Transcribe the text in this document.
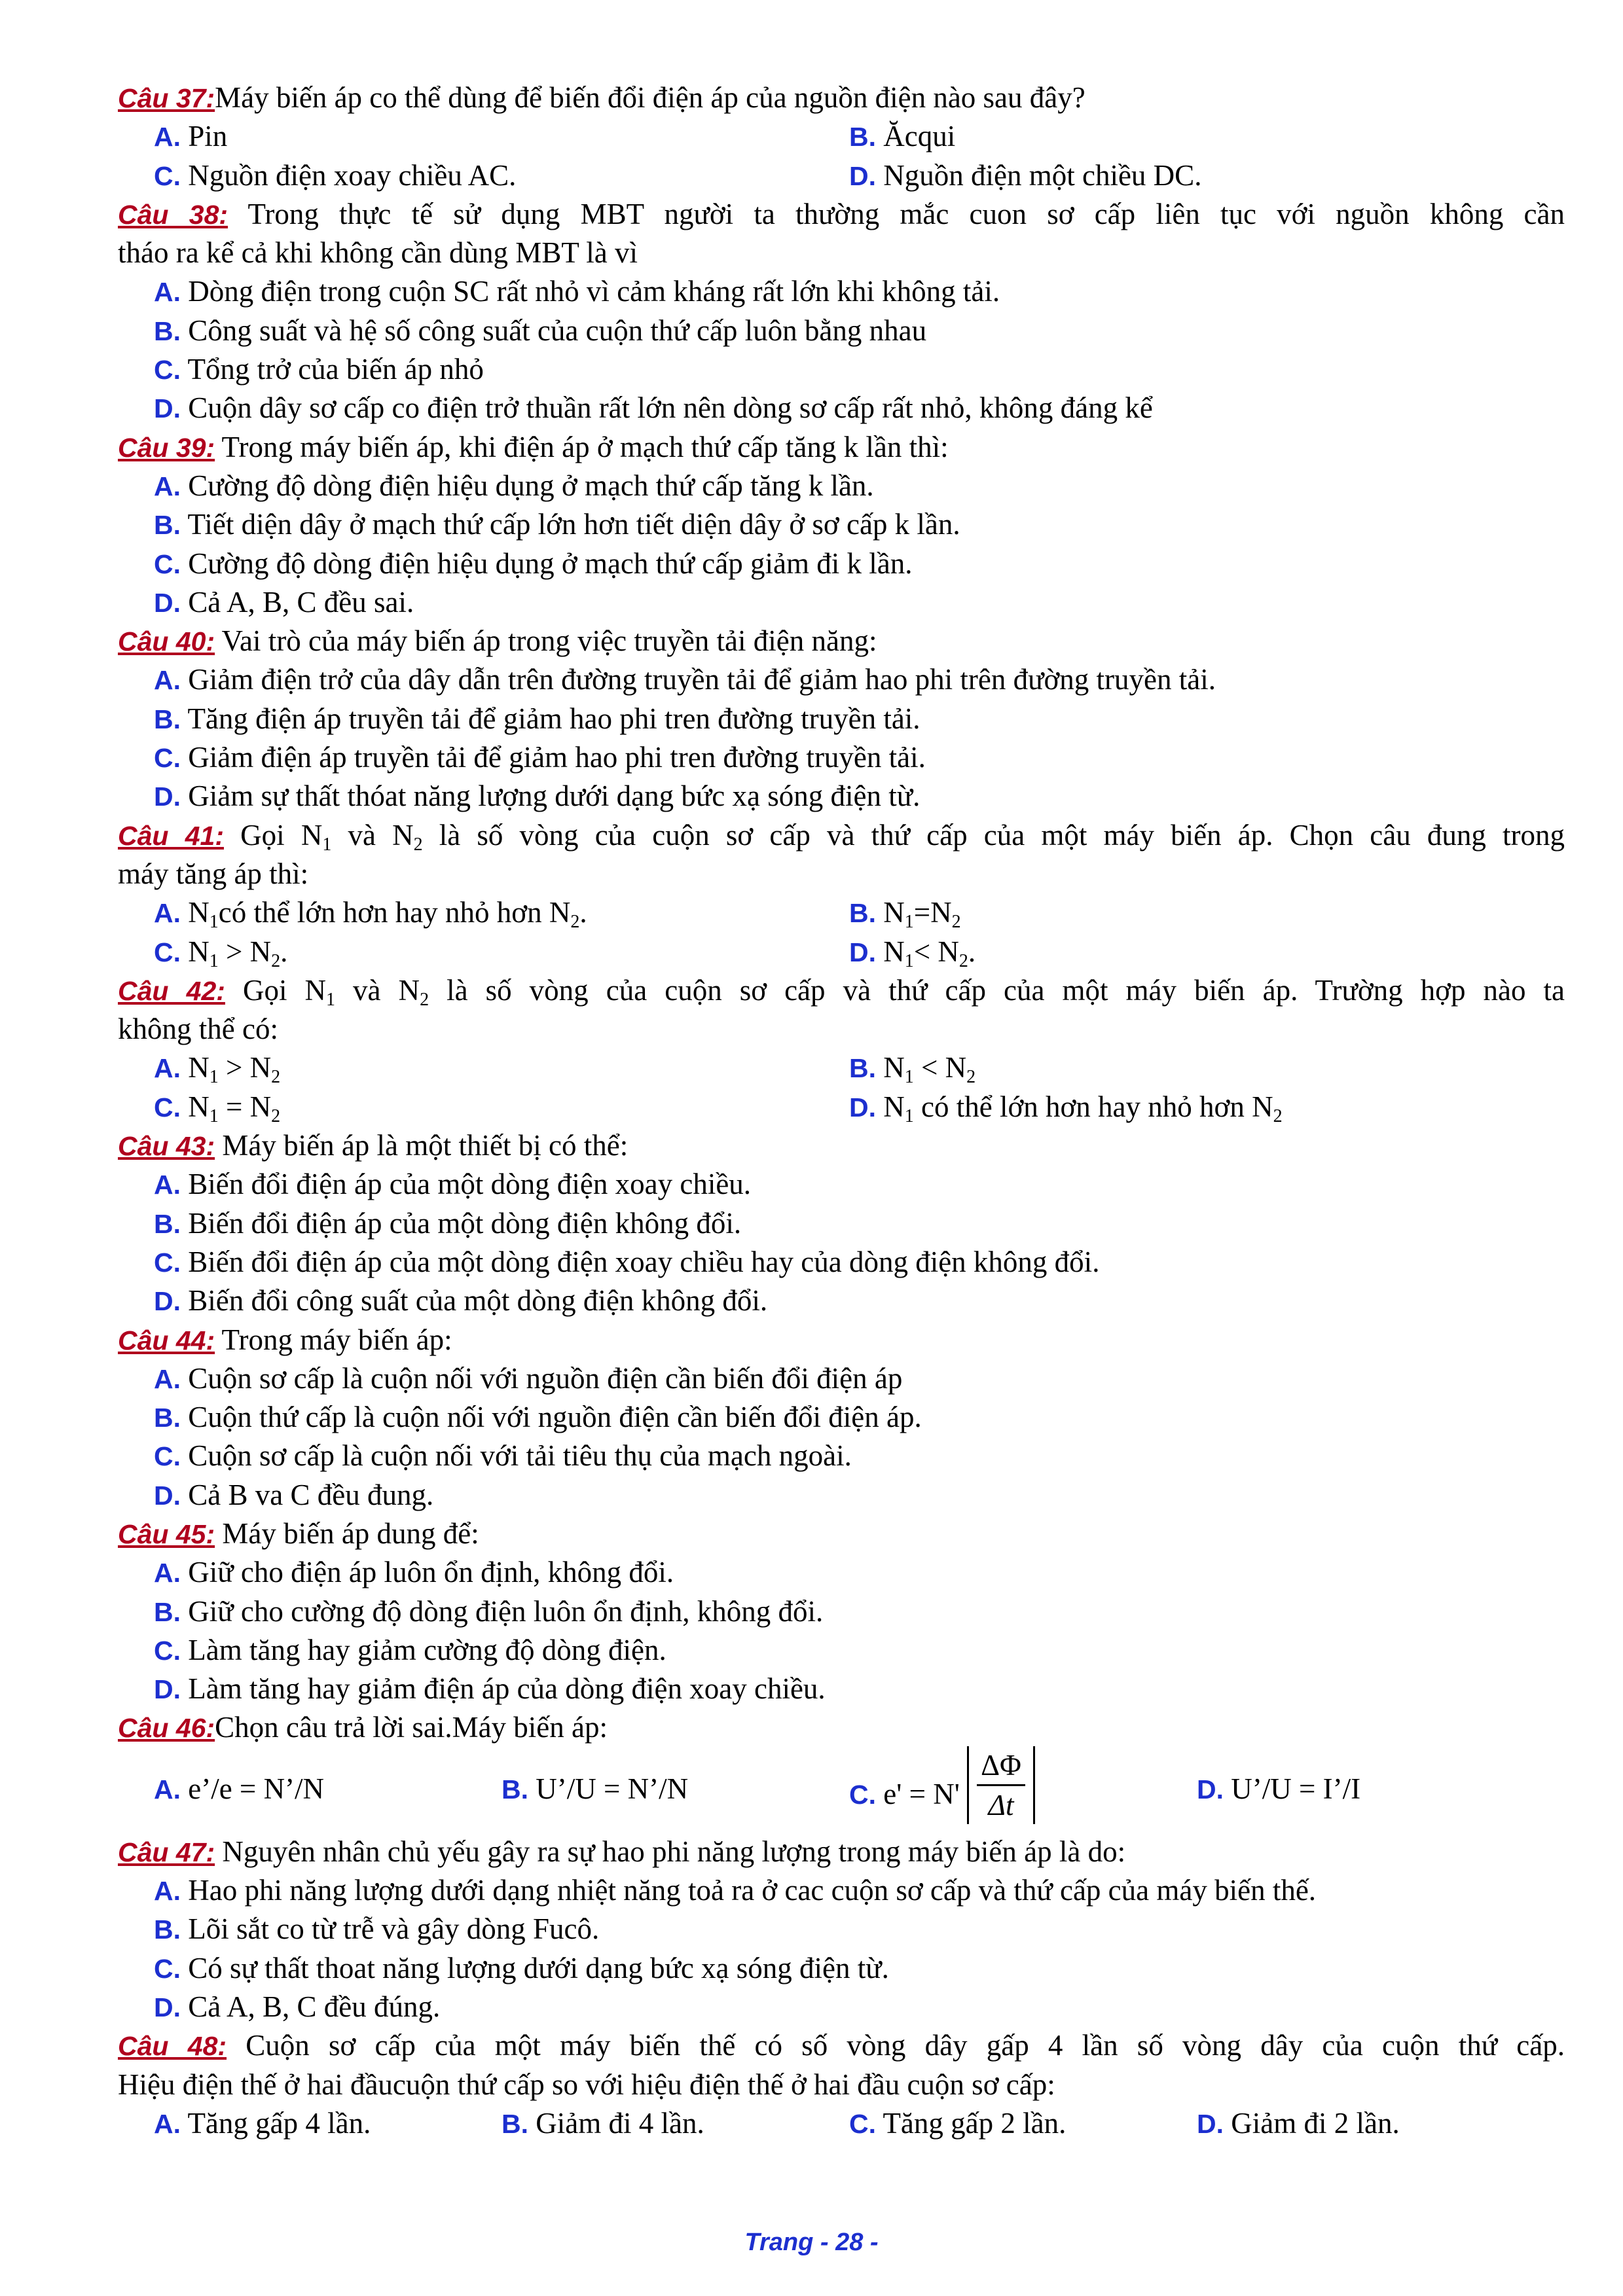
Câu 37:Máy biến áp co thể dùng để biến đổi điện áp của nguồn điện nào sau đây?
A. Pin	B. Ăcqui
C. Nguồn điện xoay chiều AC.	D. Nguồn điện một chiều DC.
Câu 38: Trong thực tế sử dụng MBT người ta thường mắc cuon sơ cấp liên tục với nguồn không cần
tháo ra kể cả khi không cần dùng MBT là vì
A. Dòng điện trong cuộn SC rất nhỏ vì cảm kháng rất lớn khi không tải.
B. Công suất và hệ số công suất của cuộn thứ cấp luôn bằng nhau
C. Tổng trở của biến áp nhỏ
D. Cuộn dây sơ cấp co điện trở thuần rất lớn nên dòng sơ cấp rất nhỏ, không đáng kể
Câu 39: Trong máy biến áp, khi điện áp ở mạch thứ cấp tăng k lần thì:
A. Cường độ dòng điện hiệu dụng ở mạch thứ cấp tăng k lần.
B. Tiết diện dây ở mạch thứ cấp lớn hơn tiết diện dây ở sơ cấp k lần.
C. Cường độ dòng điện hiệu dụng ở mạch thứ cấp giảm đi k lần.
D. Cả A, B, C đều sai.
Câu 40: Vai trò của máy biến áp trong việc truyền tải điện năng:
A. Giảm điện trở của dây dẫn trên đường truyền tải để giảm hao phi trên đường truyền tải.
B. Tăng điện áp truyền tải để giảm hao phi tren đường truyền tải.
C. Giảm điện áp truyền tải để giảm hao phi tren đường truyền tải.
D. Giảm sự thất thóat năng lượng dưới dạng bức xạ sóng điện từ.
Câu 41: Gọi $N_1$ và $N_2$ là số vòng của cuộn sơ cấp và thứ cấp của một máy biến áp. Chọn câu đung trong
máy tăng áp thì:
A. $N_1có$ thể lớn hơn hay nhỏ hơn $N_2$.	B. $N_1=N_2$
C. $N_1 > N_2$.	D. $N_1< N_2$.
Câu 42: Gọi $N_1$ và $N_2$ là số vòng của cuộn sơ cấp và thứ cấp của một máy biến áp. Trường hợp nào ta
không thể có:
A. $N_1 > N_2$	B. $N_1 < N_2$
C. $N_1 = N_2$	D. $N_1$ có thể lớn hơn hay nhỏ hơn $N_2$
Câu 43: Máy biến áp là một thiết bị có thể:
A. Biến đổi điện áp của một dòng điện xoay chiều.
B. Biến đổi điện áp của một dòng điện không đổi.
C. Biến đổi điện áp của một dòng điện xoay chiều hay của dòng điện không đổi.
D. Biến đổi công suất của một dòng điện không đổi.
Câu 44: Trong máy biến áp:
A. Cuộn sơ cấp là cuộn nối với nguồn điện cần biến đổi điện áp
B. Cuộn thứ cấp là cuộn nối với nguồn điện cần biến đổi điện áp.
C. Cuộn sơ cấp là cuộn nối với tải tiêu thụ của mạch ngoài.
D. Cả B va C đều đung.
Câu 45: Máy biến áp dung để:
A. Giữ cho điện áp luôn ổn định, không đổi.
B. Giữ cho cường độ dòng điện luôn ổn định, không đổi.
C. Làm tăng hay giảm cường độ dòng điện.
D. Làm tăng hay giảm điện áp của dòng điện xoay chiều.
Câu 46:Chọn câu trả lời sai.Máy biến áp:
A. e’/e = N’/N	B. U’/U = N’/N	C. $e' = N' \frac{\Delta\Phi}{\Delta t}$	D. U’/U = I’/I
Câu 47: Nguyên nhân chủ yếu gây ra sự hao phi năng lượng trong máy biến áp là do:
A. Hao phi năng lượng dưới dạng nhiệt năng toả ra ở cac cuộn sơ cấp và thứ cấp của máy biến thế.
B. Lõi sắt co từ trễ và gây dòng Fucô.
C. Có sự thất thoat năng lượng dưới dạng bức xạ sóng điện từ.
D. Cả A, B, C đều đúng.
Câu 48: Cuộn sơ cấp của một máy biến thế có số vòng dây gấp 4 lần số vòng dây của cuộn thứ cấp.
Hiệu điện thế ở hai đầucuộn thứ cấp so với hiệu điện thế ở hai đầu cuộn sơ cấp:
A. Tăng gấp 4 lần.	B. Giảm đi 4 lần.	C. Tăng gấp 2 lần.	D. Giảm đi 2 lần.
Trang - 28 -
